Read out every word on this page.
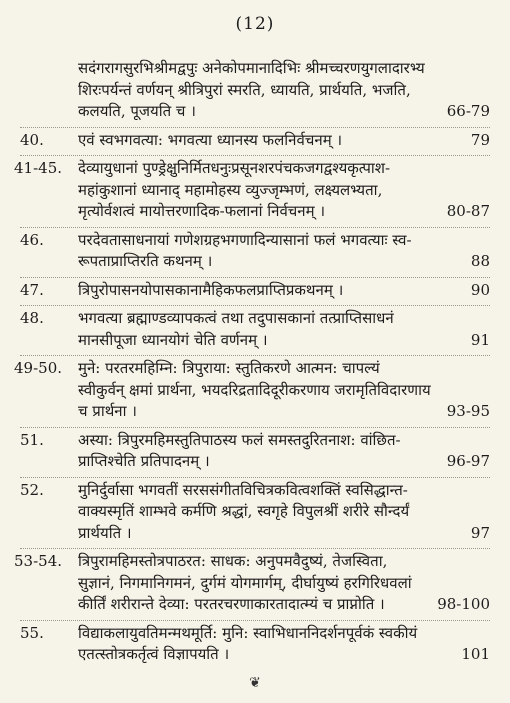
(12)
सदंगरागसुरभिश्रीमद्वपुः अनेकोपमानादिभिः श्रीमच्चरणयुगलादारभ्य
शिरःपर्यन्तं वर्णयन् श्रीत्रिपुरां स्मरति, ध्यायति, प्रार्थयति, भजति,
कलयति, पूजयति च ।	66-79
40.	एवं स्वभगवत्या: भगवत्या ध्यानस्य फलनिर्वचनम् ।	79
41-45.	देव्यायुधानां पुण्ड्रेक्षुनिर्मितधनुःप्रसूनशरपंचकजगद्वश्यकृत्पाश-
महांकुशानां ध्यानाद् महामोहस्य व्युज्जृम्भणं, लक्ष्यलभ्यता,
मृत्योर्वशत्वं मायोत्तरणादिक-फलानां निर्वचनम् ।	80-87
46.	परदेवतासाधनायां गणेशग्रहभगणादिन्यासानां फलं भगवत्याः स्व-
रूपताप्राप्तिरति कथनम् ।	88
47.	त्रिपुरोपासनयोपासकानामैहिकफलप्राप्तिप्रकथनम् ।	90
48.	भगवत्या ब्रह्माण्डव्यापकत्वं तथा तदुपासकानां तत्प्राप्तिसाधनं
मानसीपूजा ध्यानयोगं चेति वर्णनम् ।	91
49-50.	मुने: परतरमहिम्नि: त्रिपुराया: स्तुतिकरणे आत्मन: चापल्यं
स्वीकुर्वन् क्षमां प्रार्थना, भयदरिद्रतादिदूरीकरणाय जरामृतिविदारणाय
च प्रार्थना ।	93-95
51.	अस्या: त्रिपुरमहिमस्तुतिपाठस्य फलं समस्तदुरितनाश: वांछित-
प्राप्तिश्चेति प्रतिपादनम् ।	96-97
52.	मुनिर्दुर्वासा भगवतीं सरससंगीतविचित्रकवित्वशक्तिं स्वसिद्धान्त-
वाक्यस्मृतिं शाम्भवे कर्मणि श्रद्धां, स्वगृहे विपुलश्रीं शरीरे सौन्दर्यं
प्रार्थयति ।	97
53-54.	त्रिपुरामहिमस्तोत्रपाठरत: साधक: अनुपमवैदुष्यं, तेजस्विता,
सुज्ञानं, निगमानिगमनं, दुर्गमं योगमार्गम्, दीर्घायुष्यं हरगिरिधवलां
कीर्तिं शरीरान्ते देव्या: परतरचरणाकारतादात्म्यं च प्राप्नोति ।	98-100
55.	विद्याकलायुवतिमन्मथमूर्ति: मुनि: स्वाभिधाननिदर्शनपूर्वकं स्वकीयं
एतत्स्तोत्रकर्तृत्वं विज्ञापयति ।	101
❦
